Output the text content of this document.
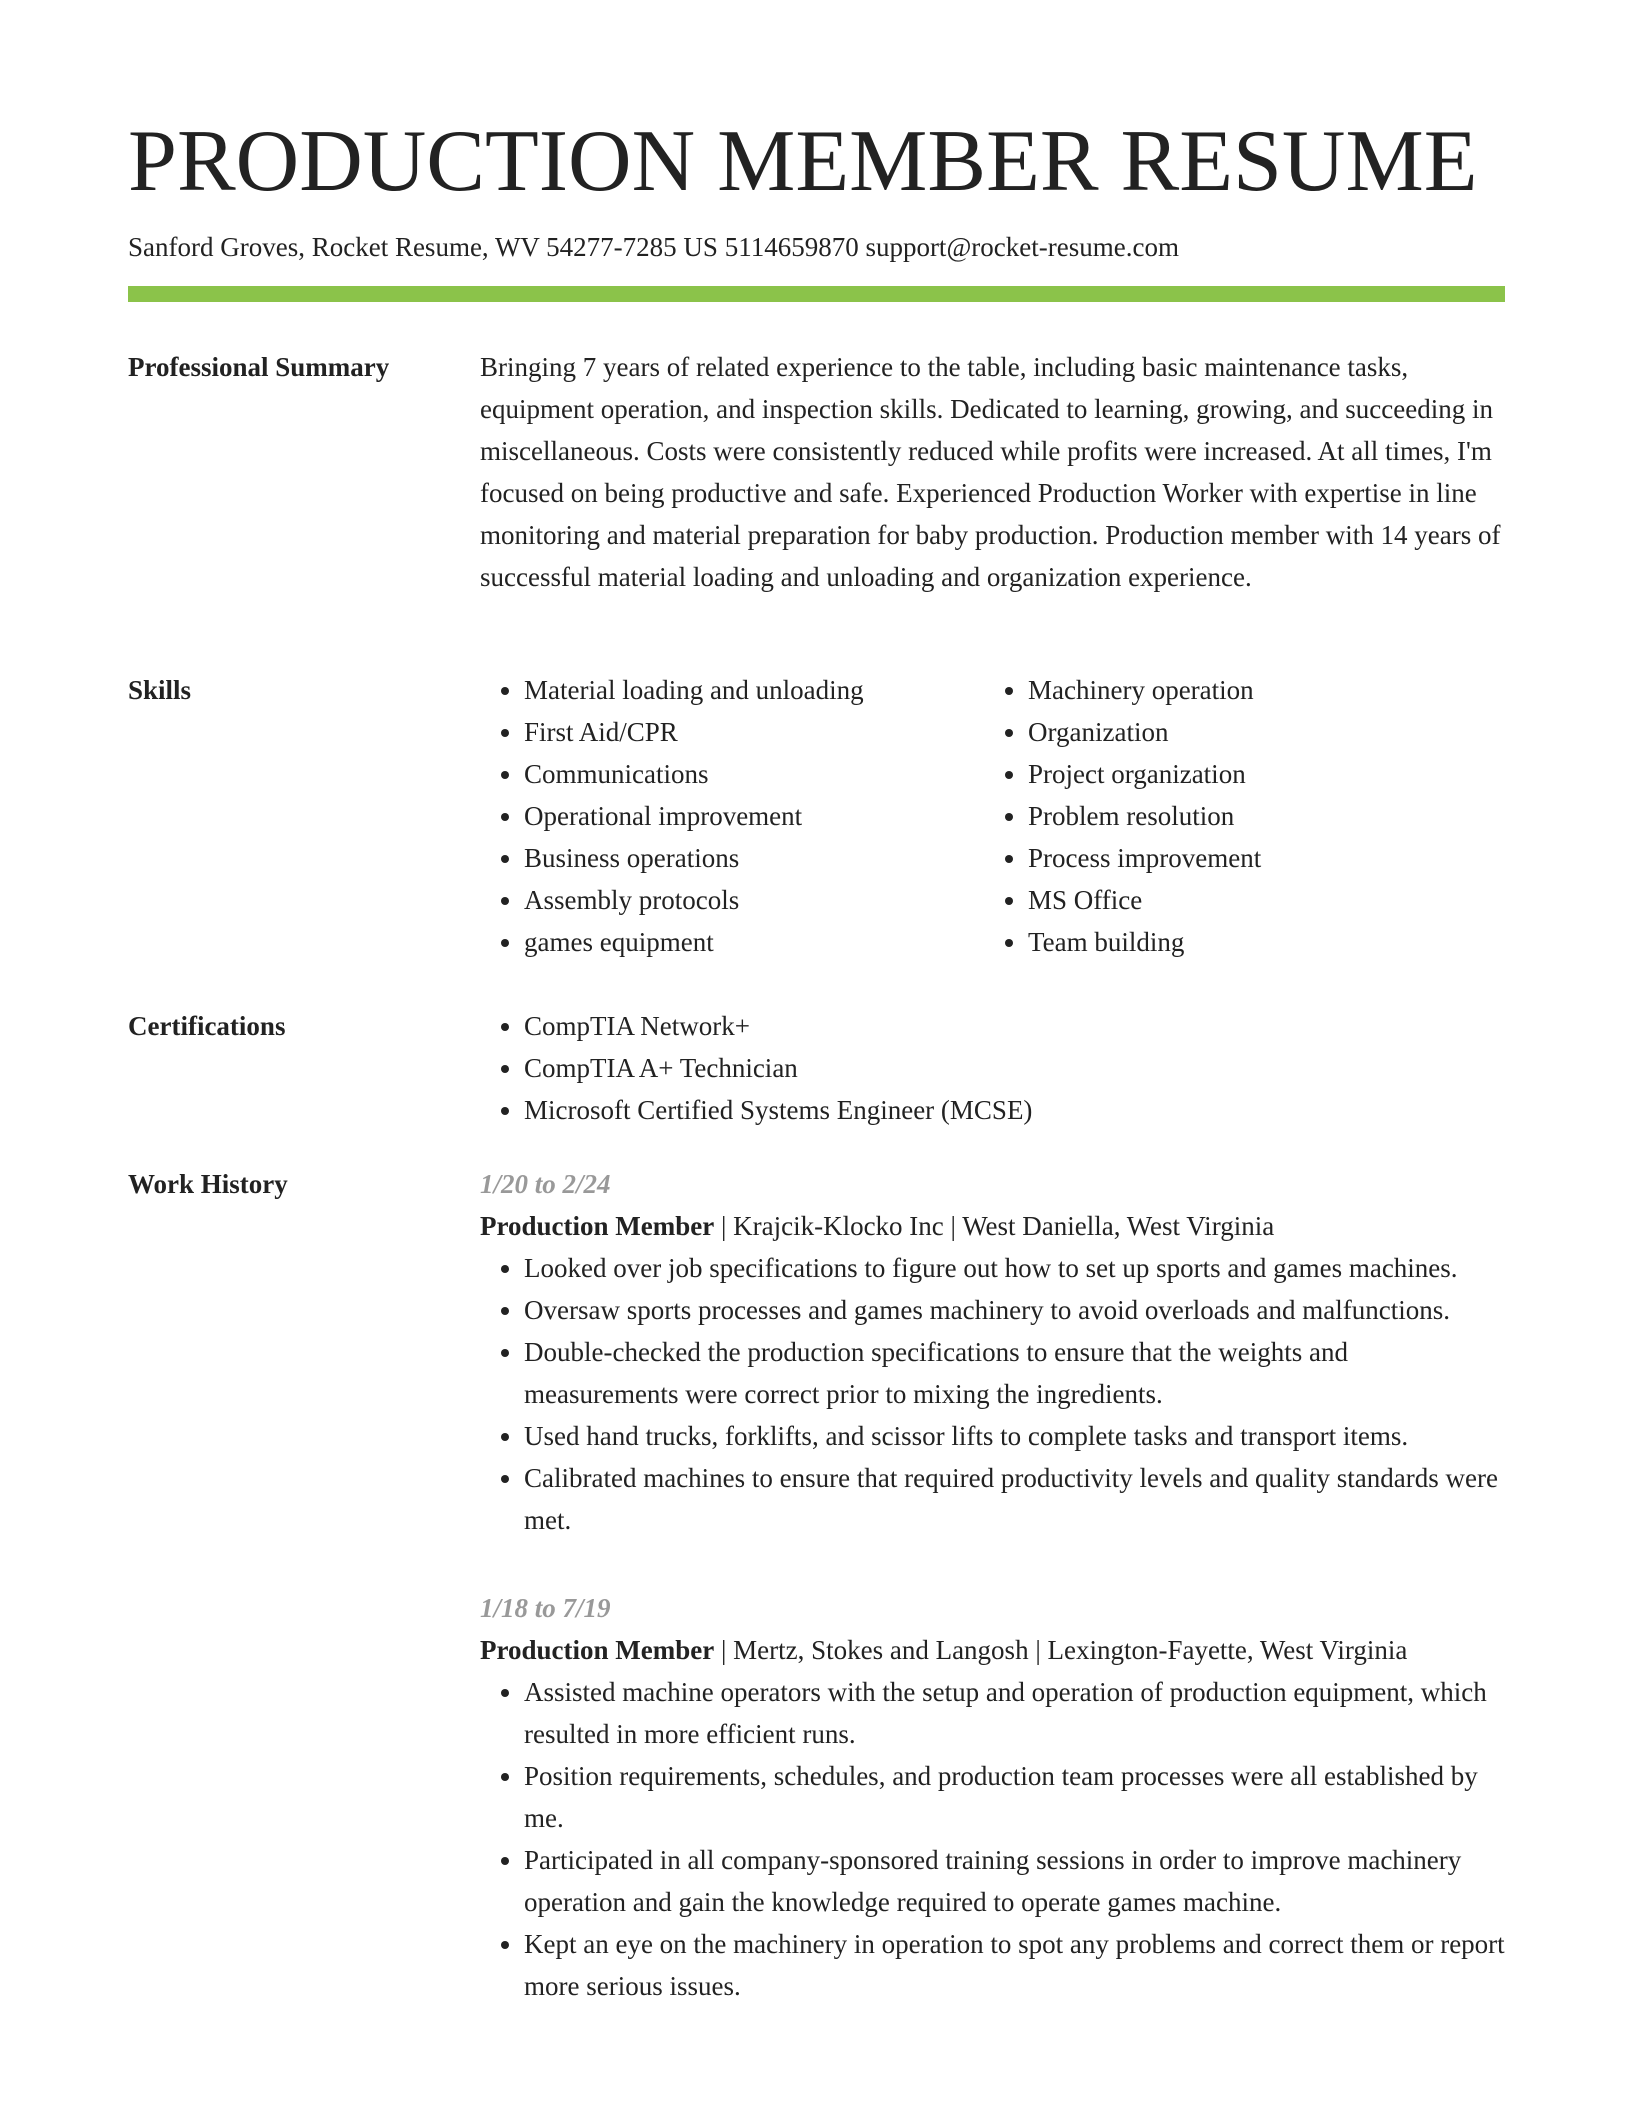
PRODUCTION MEMBER RESUME
Sanford Groves, Rocket Resume, WV 54277-7285 US 5114659870 support@rocket-resume.com
Professional Summary	Bringing 7 years of related experience to the table, including basic maintenance tasks, equipment operation, and inspection skills. Dedicated to learning, growing, and succeeding in miscellaneous. Costs were consistently reduced while profits were increased. At all times, I'm focused on being productive and safe. Experienced Production Worker with expertise in line monitoring and material preparation for baby production. Production member with 14 years of successful material loading and unloading and organization experience.

Skills	• Material loading and unloading
• First Aid/CPR
• Communications
• Operational improvement
• Business operations
• Assembly protocols
• games equipment
• Machinery operation
• Organization
• Project organization
• Problem resolution
• Process improvement
• MS Office
• Team building
Certifications	• CompTIA Network+
• CompTIA A+ Technician
• Microsoft Certified Systems Engineer (MCSE)
Work History	1/20 to 2/24
Production Member | Krajcik-Klocko Inc | West Daniella, West Virginia
• Looked over job specifications to figure out how to set up sports and games machines.
• Oversaw sports processes and games machinery to avoid overloads and malfunctions.
• Double-checked the production specifications to ensure that the weights and measurements were correct prior to mixing the ingredients.
• Used hand trucks, forklifts, and scissor lifts to complete tasks and transport items.
• Calibrated machines to ensure that required productivity levels and quality standards were met.
1/18 to 7/19
Production Member | Mertz, Stokes and Langosh | Lexington-Fayette, West Virginia
• Assisted machine operators with the setup and operation of production equipment, which resulted in more efficient runs.
• Position requirements, schedules, and production team processes were all established by me.
• Participated in all company-sponsored training sessions in order to improve machinery operation and gain the knowledge required to operate games machine.
• Kept an eye on the machinery in operation to spot any problems and correct them or report more serious issues.
